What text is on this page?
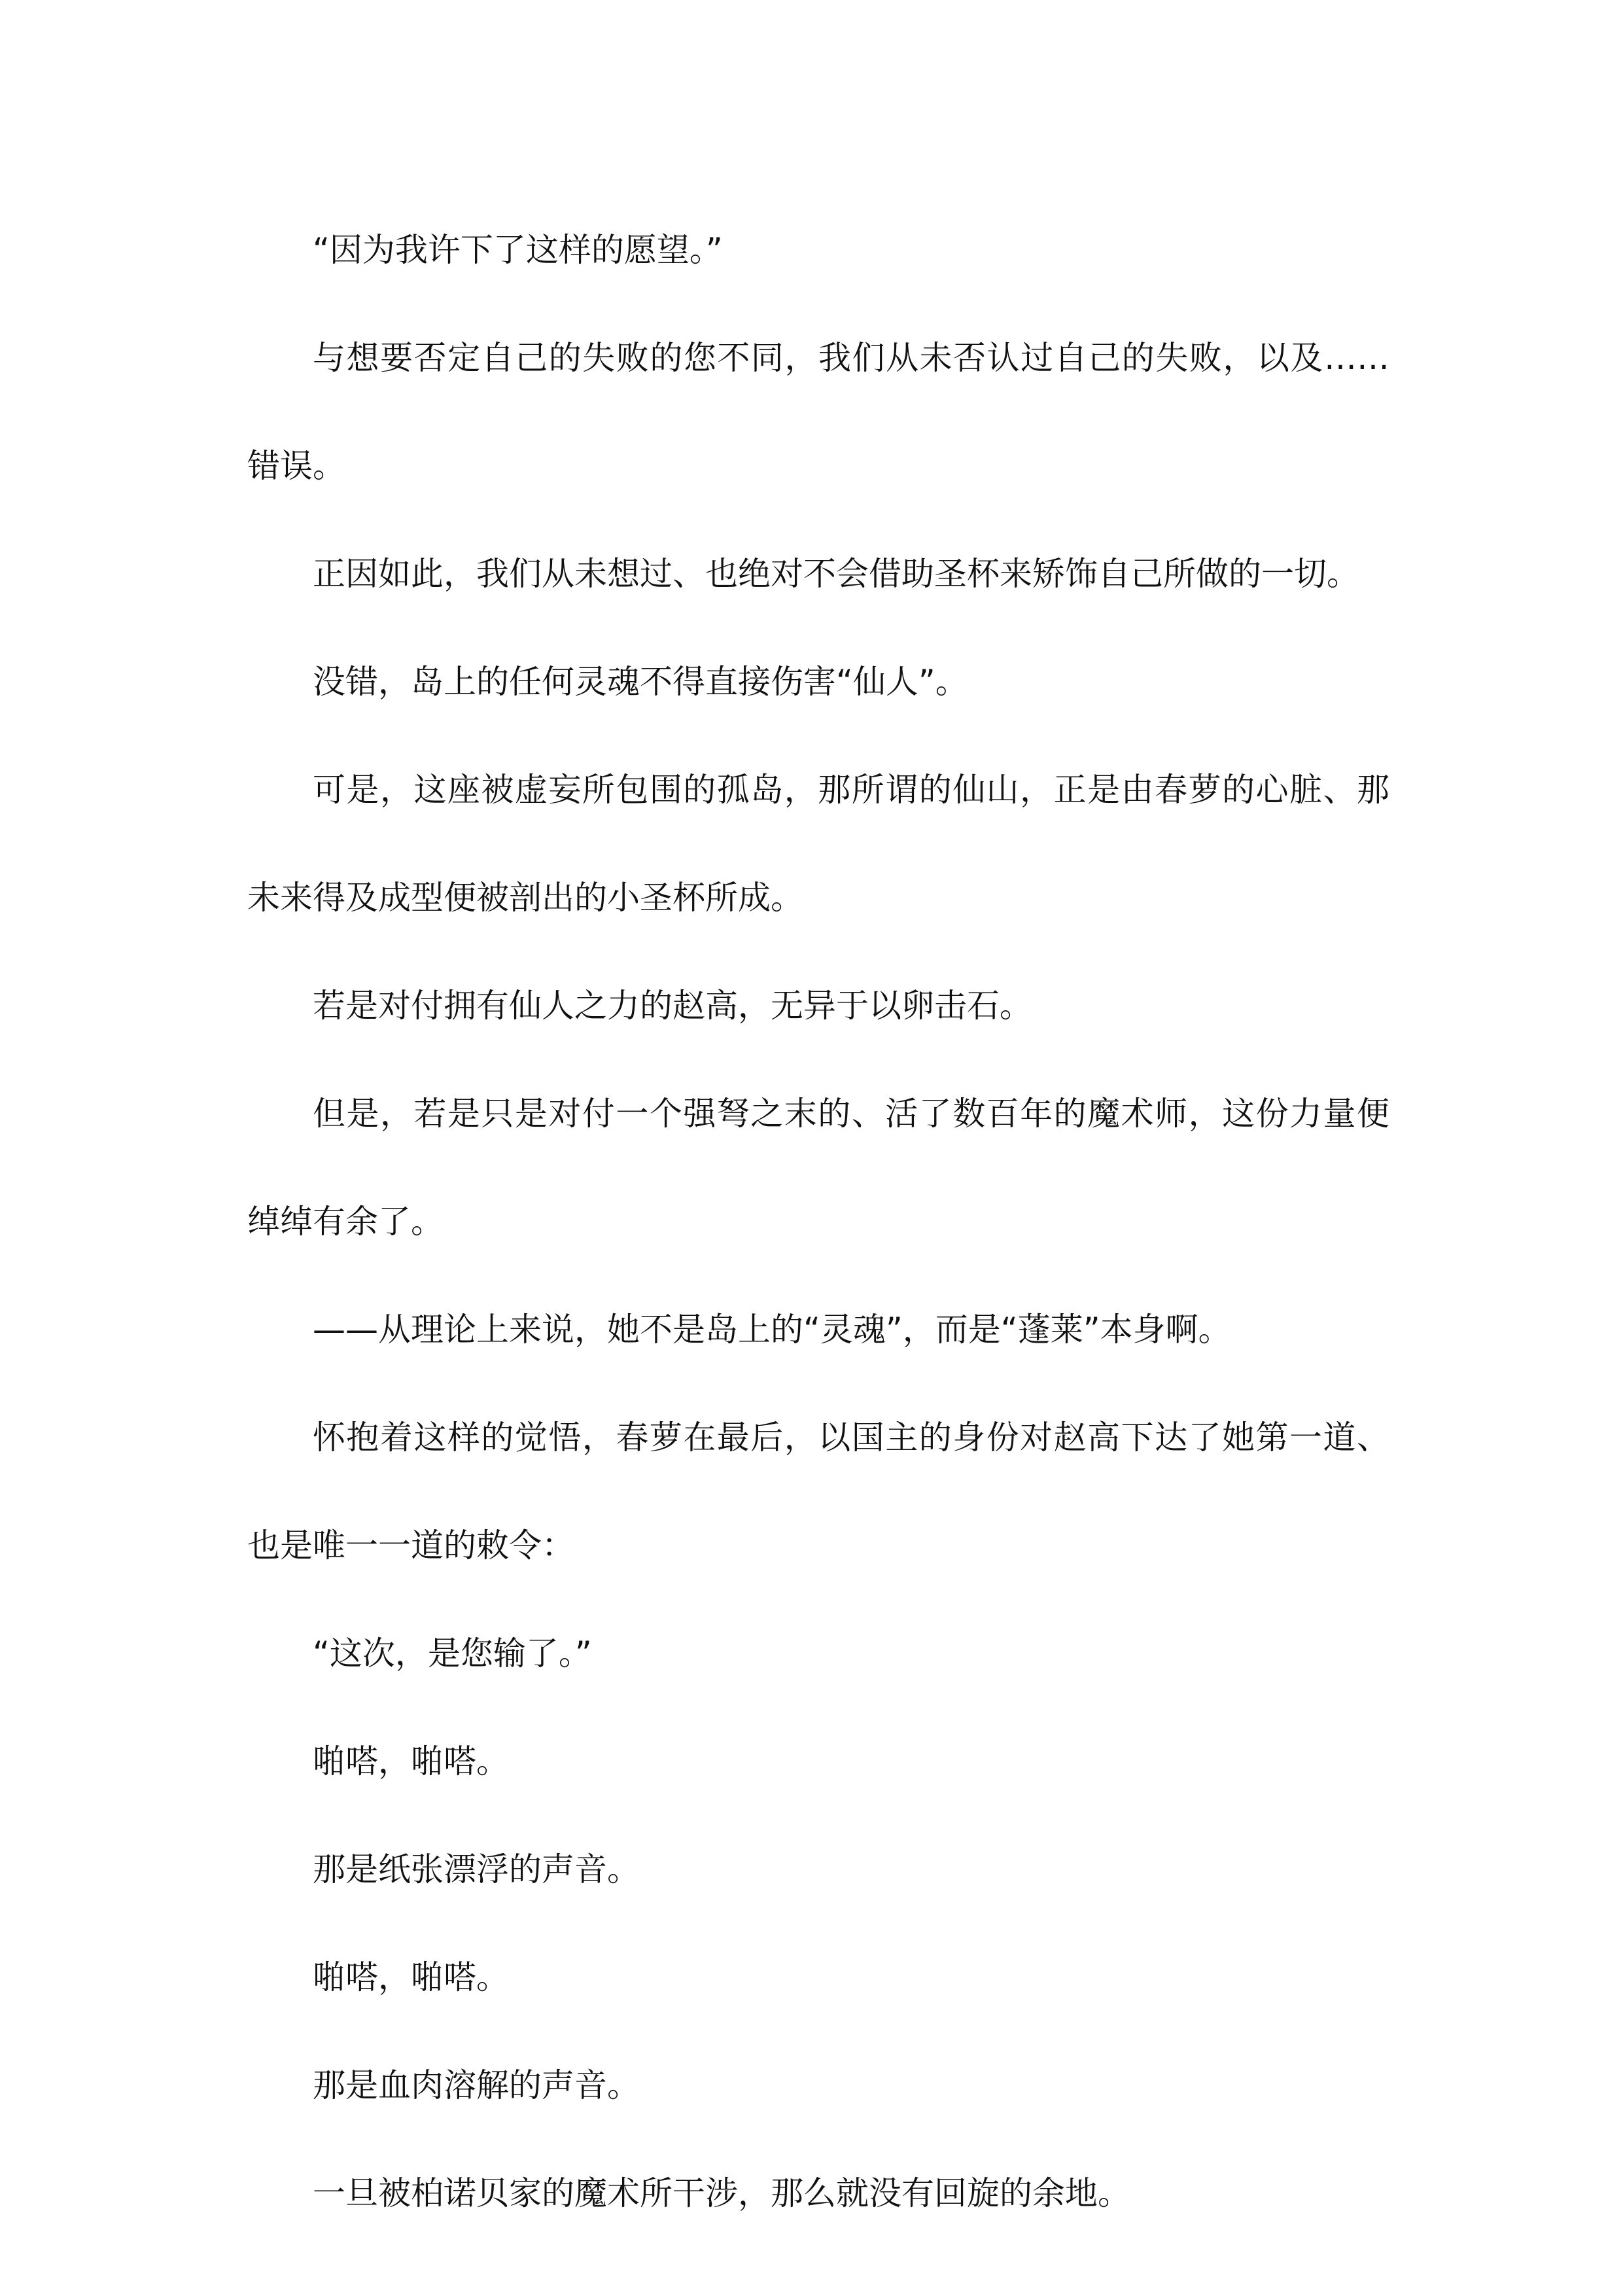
“因为我许下了这样的愿望。”

与想要否定自己的失败的您不同，我们从未否认过自己的失败，以及……错误。

正因如此，我们从未想过、也绝对不会借助圣杯来矫饰自己所做的一切。

没错，岛上的任何灵魂不得直接伤害“仙人”。

可是，这座被虚妄所包围的孤岛，那所谓的仙山，正是由春萝的心脏、那未来得及成型便被剖出的小圣杯所成。

若是对付拥有仙人之力的赵高，无异于以卵击石。

但是，若是只是对付一个强弩之末的、活了数百年的魔术师，这份力量便绰绰有余了。

——从理论上来说，她不是岛上的“灵魂”，而是“蓬莱”本身啊。

怀抱着这样的觉悟，春萝在最后，以国主的身份对赵高下达了她第一道、也是唯一一道的敕令：

“这次，是您输了。”

啪嗒，啪嗒。

那是纸张漂浮的声音。

啪嗒，啪嗒。

那是血肉溶解的声音。

一旦被柏诺贝家的魔术所干涉，那么就没有回旋的余地。
